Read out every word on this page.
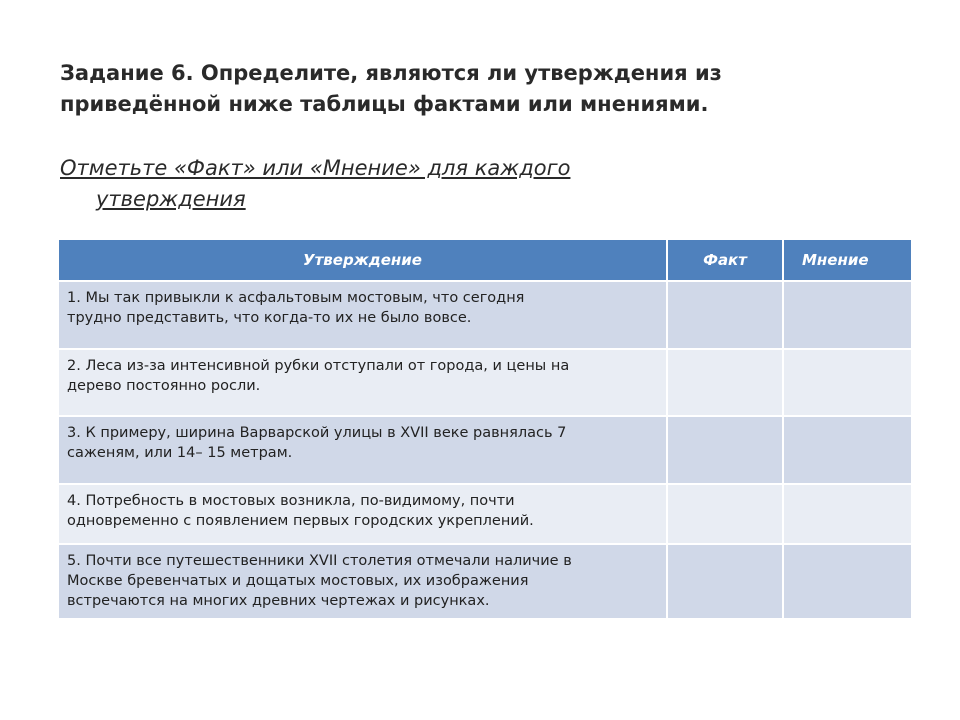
Задание 6. Определите, являются ли утверждения из
приведённой ниже таблицы фактами или мнениями.

Отметьте «Факт» или «Мнение» для каждого
утверждения

Утверждение	Факт	Мнение

1. Мы так привыкли к асфальтовым мостовым, что сегодня
трудно представить, что когда-то их не было вовсе.		

2. Леса из-за интенсивной рубки отступали от города, и цены на
дерево постоянно росли.		

3. К примеру, ширина Варварской улицы в XVII веке равнялась 7
саженям, или 14– 15 метрам.		

4. Потребность в мостовых возникла, по-видимому, почти
одновременно с появлением первых городских укреплений.		

5. Почти все путешественники XVII столетия отмечали наличие в
Москве бревенчатых и дощатых мостовых, их изображения
встречаются на многих древних чертежах и рисунках.		
